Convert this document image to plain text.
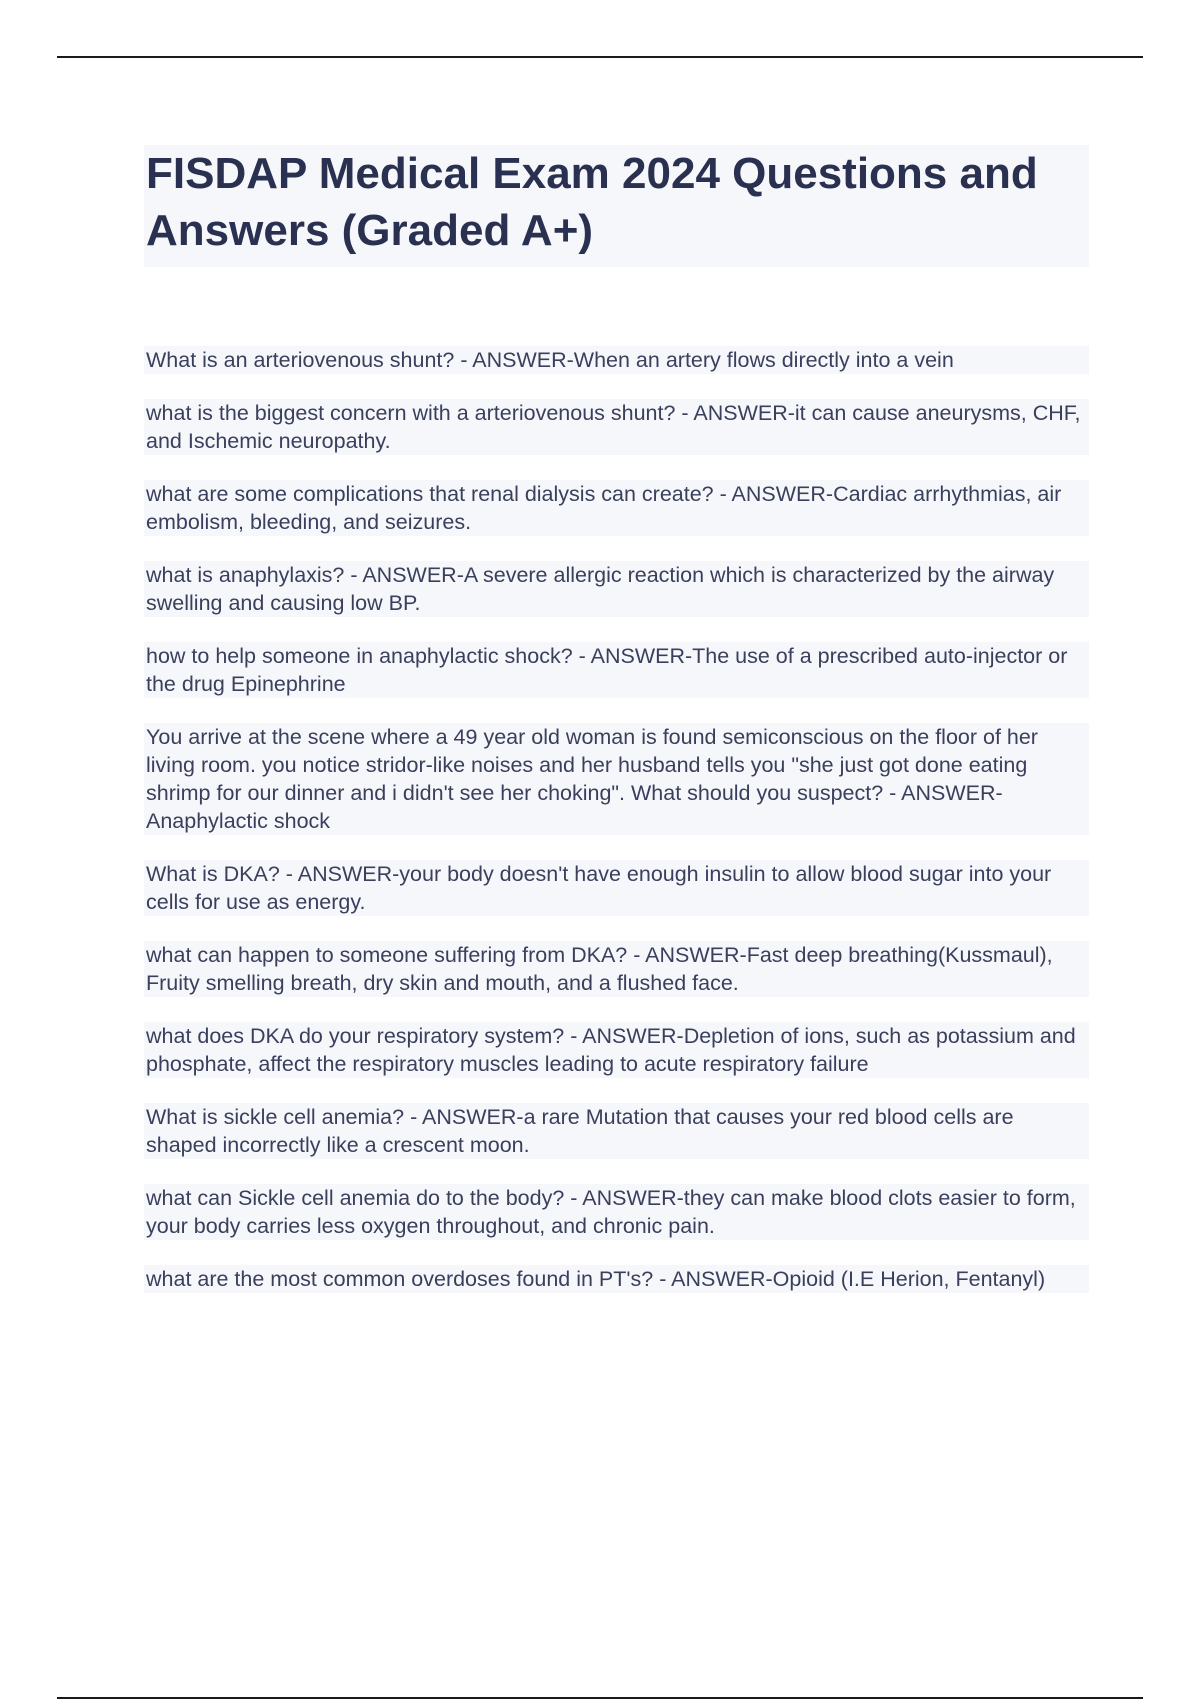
FISDAP Medical Exam 2024 Questions and Answers (Graded A+)

What is an arteriovenous shunt? - ANSWER-When an artery flows directly into a vein

what is the biggest concern with a arteriovenous shunt? - ANSWER-it can cause aneurysms, CHF, and Ischemic neuropathy.

what are some complications that renal dialysis can create? - ANSWER-Cardiac arrhythmias, air embolism, bleeding, and seizures.

what is anaphylaxis? - ANSWER-A severe allergic reaction which is characterized by the airway swelling and causing low BP.

how to help someone in anaphylactic shock? - ANSWER-The use of a prescribed auto-injector or the drug Epinephrine

You arrive at the scene where a 49 year old woman is found semiconscious on the floor of her living room. you notice stridor-like noises and her husband tells you "she just got done eating shrimp for our dinner and i didn't see her choking". What should you suspect? - ANSWER-Anaphylactic shock

What is DKA? - ANSWER-your body doesn't have enough insulin to allow blood sugar into your cells for use as energy.

what can happen to someone suffering from DKA? - ANSWER-Fast deep breathing(Kussmaul), Fruity smelling breath, dry skin and mouth, and a flushed face.

what does DKA do your respiratory system? - ANSWER-Depletion of ions, such as potassium and phosphate, affect the respiratory muscles leading to acute respiratory failure

What is sickle cell anemia? - ANSWER-a rare Mutation that causes your red blood cells are shaped incorrectly like a crescent moon.

what can Sickle cell anemia do to the body? - ANSWER-they can make blood clots easier to form, your body carries less oxygen throughout, and chronic pain.

what are the most common overdoses found in PT's? - ANSWER-Opioid (I.E Herion, Fentanyl)
